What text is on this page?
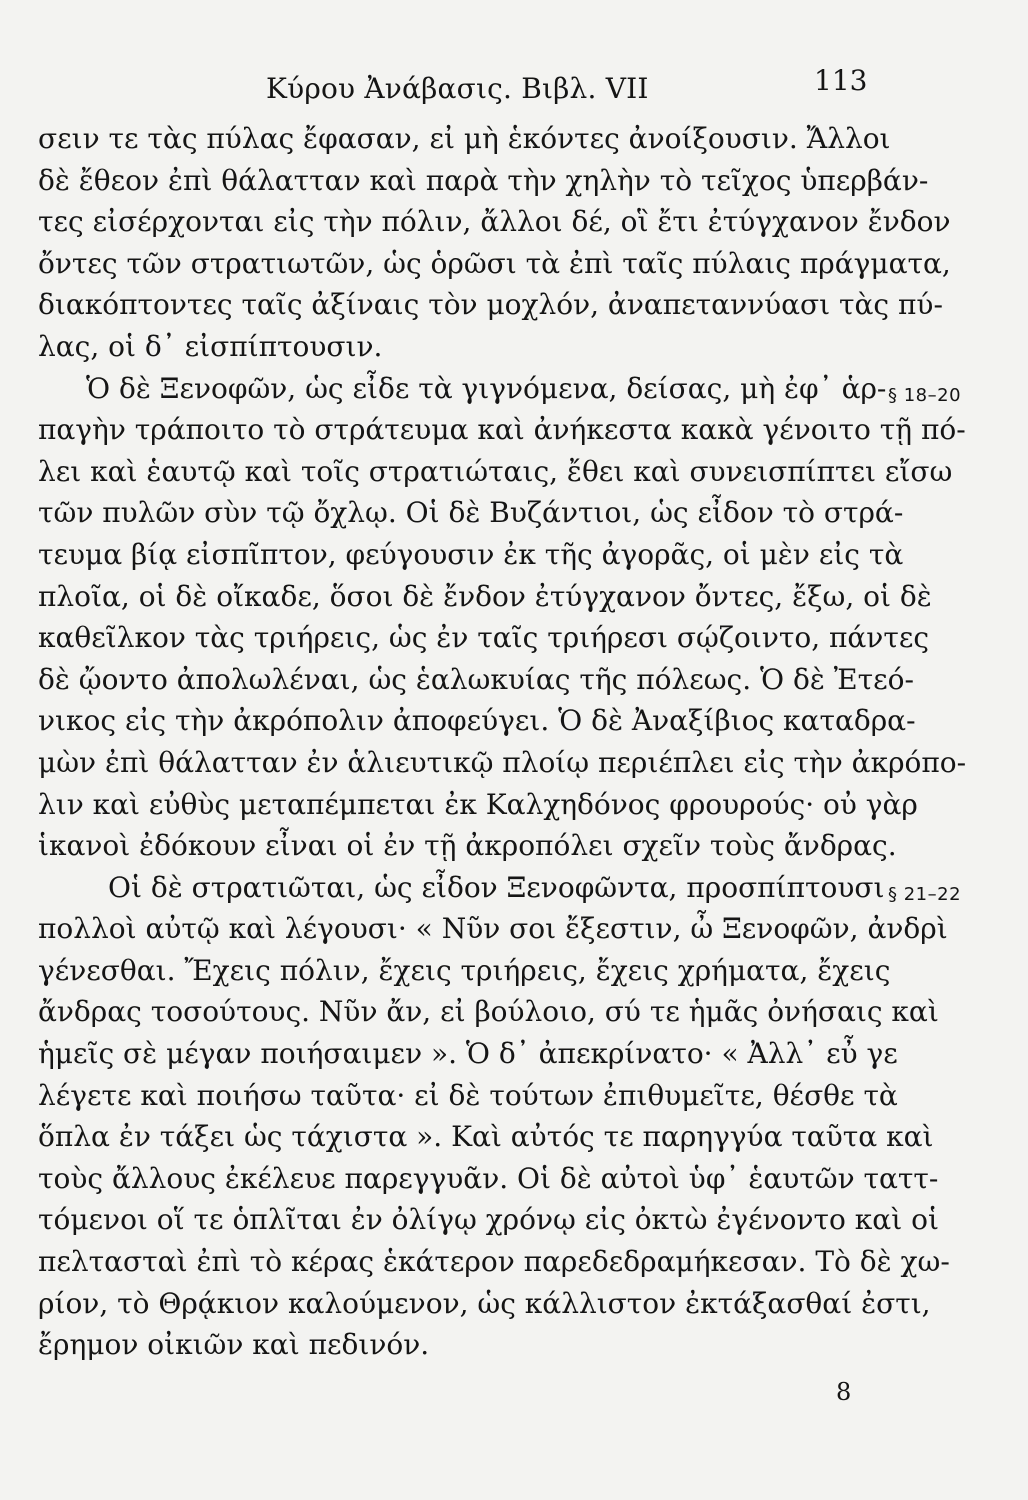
Κύρου Ἀνάβασις. Βιβλ. VII	113
σειν τε τὰς πύλας ἔφασαν, εἰ μὴ ἑκόντες ἀνοίξουσιν. Ἄλλοι
δὲ ἔθεον ἐπὶ θάλατταν καὶ παρὰ τὴν χηλὴν τὸ τεῖχος ὑπερβάν-
τες εἰσέρχονται εἰς τὴν πόλιν, ἄλλοι δέ, οἳ ἔτι ἐτύγχανον ἔνδον
ὄντες τῶν στρατιωτῶν, ὡς ὁρῶσι τὰ ἐπὶ ταῖς πύλαις πράγματα,
διακόπτοντες ταῖς ἀξίναις τὸν μοχλόν, ἀναπεταννύασι τὰς πύ-
λας, οἱ δ᾽ εἰσπίπτουσιν.
Ὁ δὲ Ξενοφῶν, ὡς εἶδε τὰ γιγνόμενα, δείσας, μὴ ἐφ᾽ ἁρ-
παγὴν τράποιτο τὸ στράτευμα καὶ ἀνήκεστα κακὰ γένοιτο τῇ πό-
λει καὶ ἑαυτῷ καὶ τοῖς στρατιώταις, ἔθει καὶ συνεισπίπτει εἴσω
τῶν πυλῶν σὺν τῷ ὄχλῳ. Οἱ δὲ Βυζάντιοι, ὡς εἶδον τὸ στρά-
τευμα βίᾳ εἰσπῖπτον, φεύγουσιν ἐκ τῆς ἀγορᾶς, οἱ μὲν εἰς τὰ
πλοῖα, οἱ δὲ οἴκαδε, ὅσοι δὲ ἔνδον ἐτύγχανον ὄντες, ἔξω, οἱ δὲ
καθεῖλκον τὰς τριήρεις, ὡς ἐν ταῖς τριήρεσι σῴζοιντο, πάντες
δὲ ᾤοντο ἀπολωλέναι, ὡς ἑαλωκυίας τῆς πόλεως. Ὁ δὲ Ἐτεό-
νικος εἰς τὴν ἀκρόπολιν ἀποφεύγει. Ὁ δὲ Ἀναξίβιος καταδρα-
μὼν ἐπὶ θάλατταν ἐν ἁλιευτικῷ πλοίῳ περιέπλει εἰς τὴν ἀκρόπο-
λιν καὶ εὐθὺς μεταπέμπεται ἐκ Καλχηδόνος φρουρούς· οὐ γὰρ
ἱκανοὶ ἐδόκουν εἶναι οἱ ἐν τῇ ἀκροπόλει σχεῖν τοὺς ἄνδρας.
Οἱ δὲ στρατιῶται, ὡς εἶδον Ξενοφῶντα, προσπίπτουσι
πολλοὶ αὐτῷ καὶ λέγουσι· « Νῦν σοι ἔξεστιν, ὦ Ξενοφῶν, ἀνδρὶ
γένεσθαι. Ἔχεις πόλιν, ἔχεις τριήρεις, ἔχεις χρήματα, ἔχεις
ἄνδρας τοσούτους. Νῦν ἄν, εἰ βούλοιο, σύ τε ἡμᾶς ὀνήσαις καὶ
ἡμεῖς σὲ μέγαν ποιήσαιμεν ». Ὁ δ᾽ ἀπεκρίνατο· « Ἀλλ᾽ εὖ γε
λέγετε καὶ ποιήσω ταῦτα· εἰ δὲ τούτων ἐπιθυμεῖτε, θέσθε τὰ
ὅπλα ἐν τάξει ὡς τάχιστα ». Καὶ αὐτός τε παρηγγύα ταῦτα καὶ
τοὺς ἄλλους ἐκέλευε παρεγγυᾶν. Οἱ δὲ αὐτοὶ ὑφ᾽ ἑαυτῶν ταττ-
τόμενοι οἵ τε ὁπλῖται ἐν ὀλίγῳ χρόνῳ εἰς ὀκτὼ ἐγένοντο καὶ οἱ
πελτασταὶ ἐπὶ τὸ κέρας ἑκάτερον παρεδεδραμήκεσαν. Τὸ δὲ χω-
ρίον, τὸ Θρᾴκιον καλούμενον, ὡς κάλλιστον ἐκτάξασθαί ἐστι,
ἔρημον οἰκιῶν καὶ πεδινόν.
§ 18–20
§ 21–22
8
